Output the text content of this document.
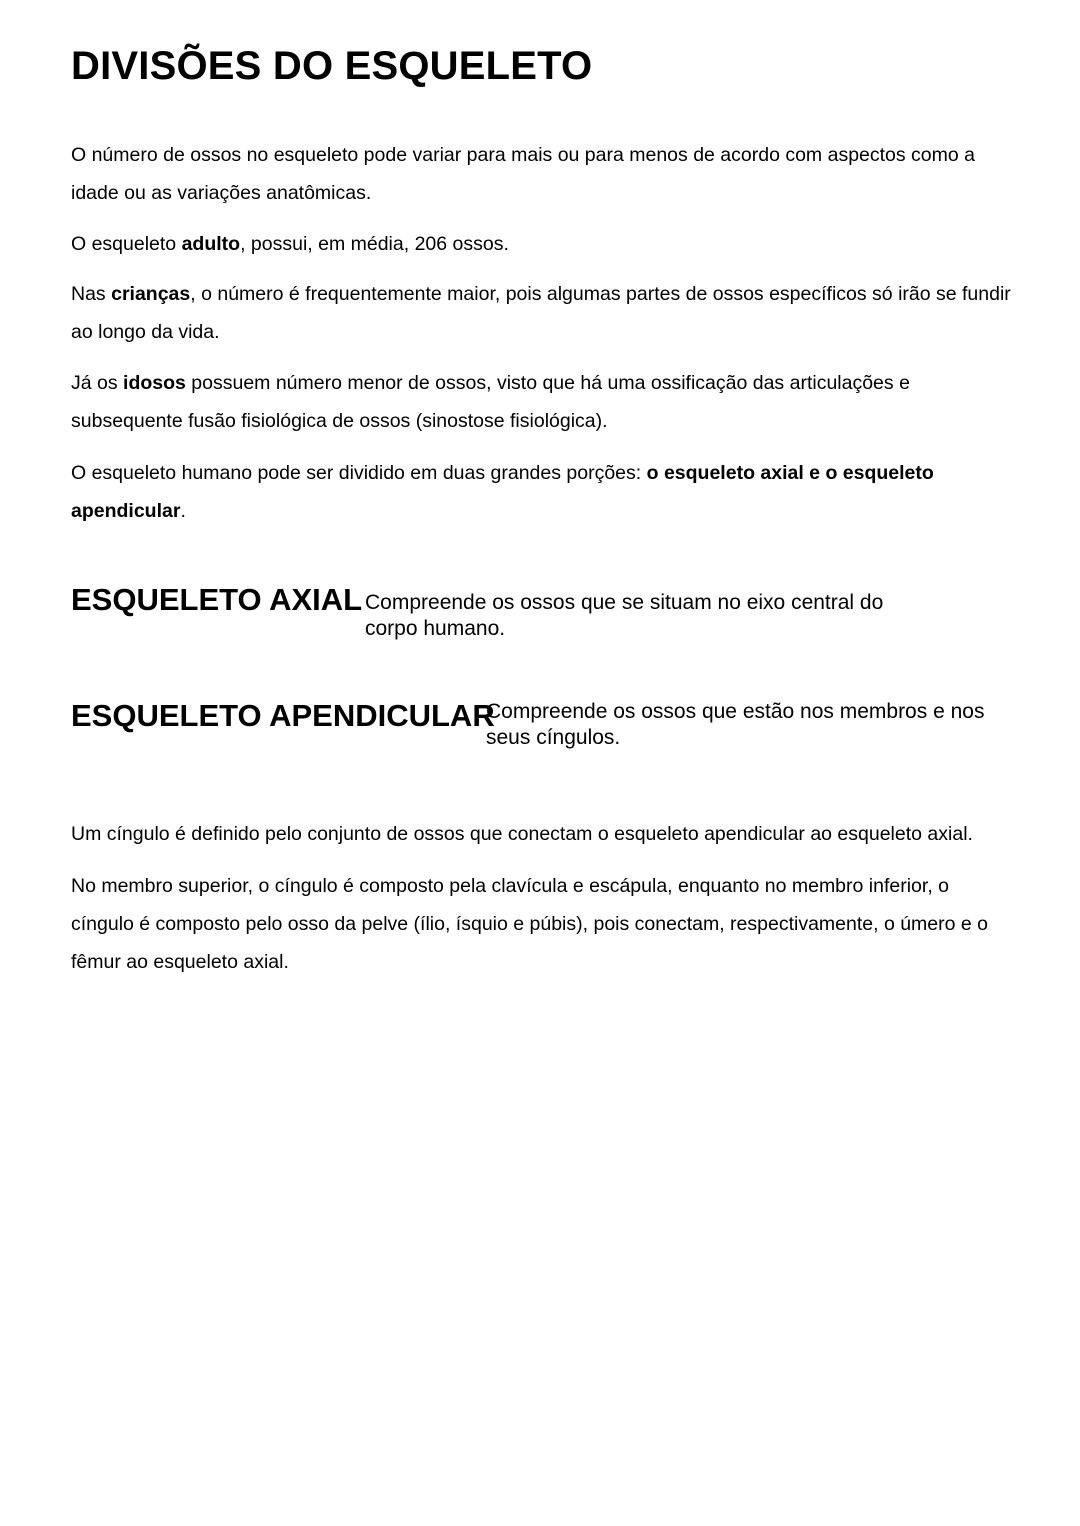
DIVISÕES DO ESQUELETO

O número de ossos no esqueleto pode variar para mais ou para menos de acordo com aspectos como a idade ou as variações anatômicas.

O esqueleto adulto, possui, em média, 206 ossos.

Nas crianças, o número é frequentemente maior, pois algumas partes de ossos específicos só irão se fundir ao longo da vida.

Já os idosos possuem número menor de ossos, visto que há uma ossificação das articulações e subsequente fusão fisiológica de ossos (sinostose fisiológica).

O esqueleto humano pode ser dividido em duas grandes porções: o esqueleto axial e o esqueleto apendicular.

ESQUELETO AXIAL Compreende os ossos que se situam no eixo central do corpo humano.

ESQUELETO APENDICULAR

Compreende os ossos que estão nos membros e nos seus cíngulos.

Um cíngulo é definido pelo conjunto de ossos que conectam o esqueleto apendicular ao esqueleto axial.

No membro superior, o cíngulo é composto pela clavícula e escápula, enquanto no membro inferior, o cíngulo é composto pelo osso da pelve (ílio, ísquio e púbis), pois conectam, respectivamente, o úmero e o fêmur ao esqueleto axial.
